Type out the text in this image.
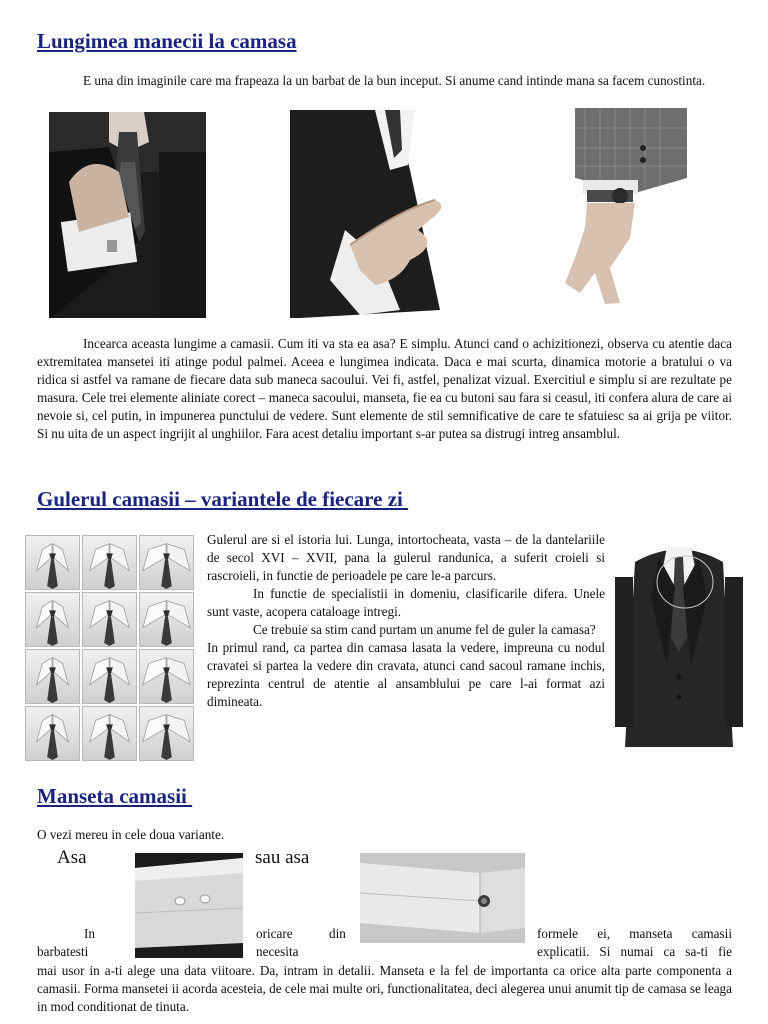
Lungimea manecii la camasa

E una din imaginile care ma frapeaza la un barbat de la bun inceput. Si anume cand intinde mana sa facem cunostinta.

Incearca aceasta lungime a camasii. Cum iti va sta ea asa? E simplu. Atunci cand o achizitionezi, observa cu atentie daca extremitatea mansetei iti atinge podul palmei. Aceea e lungimea indicata. Daca e mai scurta, dinamica motorie a bratului o va ridica si astfel va ramane de fiecare data sub maneca sacoului. Vei fi, astfel, penalizat vizual. Exercitiul e simplu si are rezultate pe masura. Cele trei elemente aliniate corect – maneca sacoului, manseta, fie ea cu butoni sau fara si ceasul, iti confera alura de care ai nevoie si, cel putin, in impunerea punctului de vedere. Sunt elemente de stil semnificative de care te sfatuiesc sa ai grija pe viitor. Si nu uita de un aspect ingrijit al unghiilor. Fara acest detaliu important s-ar putea sa distrugi intreg ansamblul.

Gulerul camasii – variantele de fiecare zi

Gulerul are si el istoria lui. Lunga, intortocheata, vasta – de la dantelariile de secol XVI – XVII, pana la gulerul randunica, a suferit croieli si rascroieli, in functie de perioadele pe care le-a parcurs.

In functie de specialistii in domeniu, clasificarile difera. Unele sunt vaste, acopera cataloage intregi.

Ce trebuie sa stim cand purtam un anume fel de guler la camasa?

In primul rand, ca partea din camasa lasata la vedere, impreuna cu nodul cravatei si partea la vedere din cravata, atunci cand sacoul ramane inchis, reprezinta centrul de atentie al ansamblului pe care l-ai format azi dimineata.

Manseta camasii
O vezi mereu in cele doua variante.
Asa	sau asa
In	oricare	din	formele ei, manseta camasii
barbatesti	necesita	explicatii. Si numai ca sa-ti fie

mai usor in a-ti alege una data viitoare. Da, intram in detalii. Manseta e la fel de importanta ca orice alta parte componenta a camasii. Forma mansetei ii acorda acesteia, de cele mai multe ori, functionalitatea, deci alegerea unui anumit tip de camasa se leaga in mod conditionat de tinuta.
